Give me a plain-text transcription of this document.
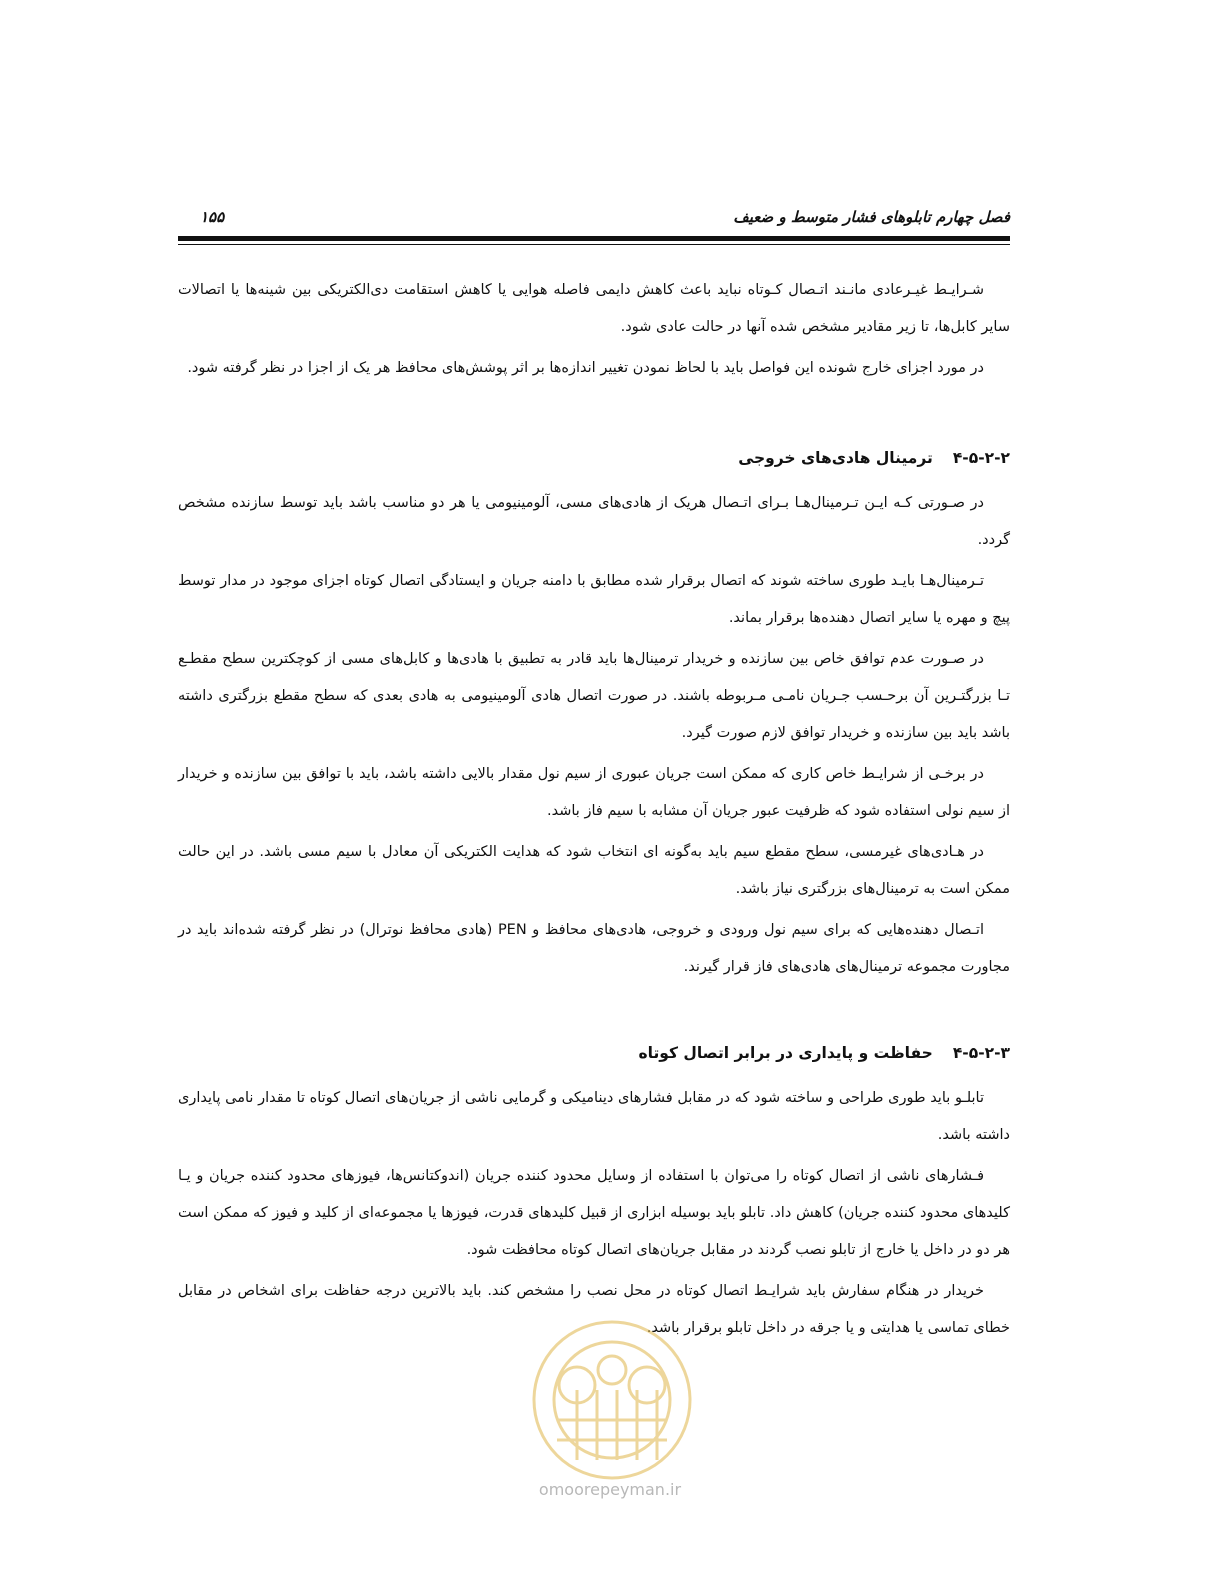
فصل چهارم تابلوهای فشار متوسط و ضعیف
۱۵۵

شـرایـط غیـرعادی مانـند اتـصال کـوتاه نباید باعث کاهش دایمی فاصله هوایی یا کاهش استقامت دی‌الکتریکی بین شینه‌ها یا اتصالات سایر کابل‌ها، تا زیر مقادیر مشخص شده آنها در حالت عادی شود.

در مورد اجزای خارج شونده این فواصل باید با لحاظ نمودن تغییر اندازه‌ها بر اثر پوشش‌های محافظ هر یک از اجزا در نظر گرفته شود.

۴-۵-۲-۲ترمینال هادی‌های خروجی

در صـورتی کـه ایـن تـرمینال‌هـا بـرای اتـصال هریک از هادی‌های مسی، آلومینیومی یا هر دو مناسب باشد باید توسط سازنده مشخص گردد.

تـرمینال‌هـا بایـد طوری ساخته شوند که اتصال برقرار شده مطابق با دامنه جریان و ایستادگی اتصال کوتاه اجزای موجود در مدار توسط پیچ و مهره یا سایر اتصال دهنده‌ها برقرار بماند.

در صـورت عدم توافق خاص بین سازنده و خریدار ترمینال‌ها باید قادر به تطبیق با هادی‌ها و کابل‌های مسی از کوچکترین سطح مقطـع تـا بزرگتـرین آن برحـسب جـریان نامـی مـربوطه باشند. در صورت اتصال هادی آلومینیومی به هادی بعدی که سطح مقطع بزرگتری داشته باشد باید بین سازنده و خریدار توافق لازم صورت گیرد.

در برخـی از شرایـط خاص کاری که ممکن است جریان عبوری از سیم نول مقدار بالایی داشته باشد، باید با توافق بین سازنده و خریدار از سیم نولی استفاده شود که ظرفیت عبور جریان آن مشابه با سیم فاز باشد.

در هـادی‌های غیرمسی، سطح مقطع سیم باید به‌گونه ای انتخاب شود که هدایت الکتریکی آن معادل با سیم مسی باشد. در این حالت ممکن است به ترمینال‌های بزرگتری نیاز باشد.

اتـصال دهنده‌هایی که برای سیم نول ورودی و خروجی، هادی‌های محافظ و PEN (هادی محافظ نوترال) در نظر گرفته شده‌اند باید در مجاورت مجموعه ترمینال‌های هادی‌های فاز قرار گیرند.

۴-۵-۲-۳حفاظت و پایداری در برابر اتصال کوتاه

تابلـو باید طوری طراحی و ساخته شود که در مقابل فشارهای دینامیکی و گرمایی ناشی از جریان‌های اتصال کوتاه تا مقدار نامی پایداری داشته باشد.

فـشارهای ناشی از اتصال کوتاه را می‌توان با استفاده از وسایل محدود کننده جریان (اندوکتانس‌ها، فیوزهای محدود کننده جریان و یـا کلیدهای محدود کننده جریان) کاهش داد. تابلو باید بوسیله ابزاری از قبیل کلیدهای قدرت، فیوزها یا مجموعه‌ای از کلید و فیوز که ممکن است هر دو در داخل یا خارج از تابلو نصب گردند در مقابل جریان‌های اتصال کوتاه محافظت شود.

خریدار در هنگام سفارش باید شرایـط اتصال کوتاه در محل نصب را مشخص کند. باید بالاترین درجه حفاظت برای اشخاص در مقابل خطای تماسی یا هدایتی و یا جرقه در داخل تابلو برقرار باشد.

omoorepeyman.ir
